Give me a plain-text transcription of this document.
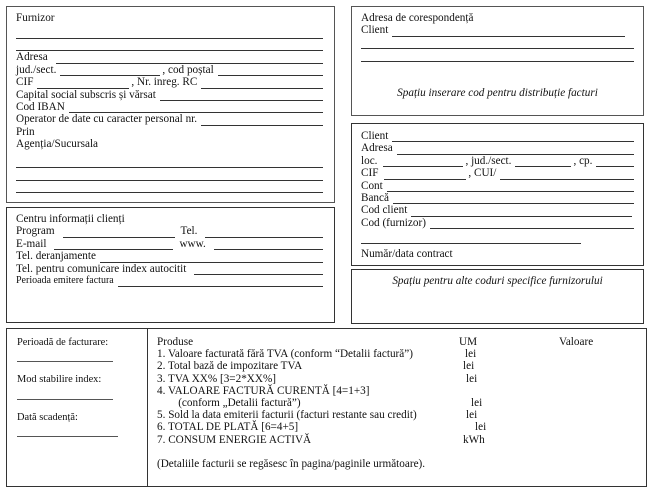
Furnizor
Adresa
jud./sect.	, cod poștal
CIF	, Nr. inreg. RC
Capital social subscris și vărsat
Cod IBAN
Operator de date cu caracter personal nr.
Prin
Agenția/Sucursala
Centru informații clienți
Program	Tel.
E-mail	www.
Tel. deranjamente
Tel. pentru comunicare index autocitit
Perioada emitere factura
Adresa de corespondență
Client
Spațiu inserare cod pentru distribuție facturi
Client
Adresa
loc.	, jud./sect.	, cp.
CIF	, CUI/
Cont
Bancă
Cod client
Cod (furnizor)
Număr/data contract
Spațiu pentru alte coduri specifice furnizorului
Perioadă de facturare:
Mod stabilire index:
Dată scadență:
Produse	UM	Valoare
1. Valoare facturată fără TVA (conform “Detalii factură”)	lei
2. Total bază de impozitare TVA	lei
3. TVA XX% [3=2*XX%]	lei
4. VALOARE FACTURĂ CURENTĂ [4=1+3]
(conform „Detalii factură”)	lei
5. Sold la data emiterii facturii (facturi restante sau credit)	lei
6. TOTAL DE PLATĂ [6=4+5]	lei
7. CONSUM ENERGIE ACTIVĂ	kWh
(Detaliile facturii se regăsesc în pagina/paginile următoare).
